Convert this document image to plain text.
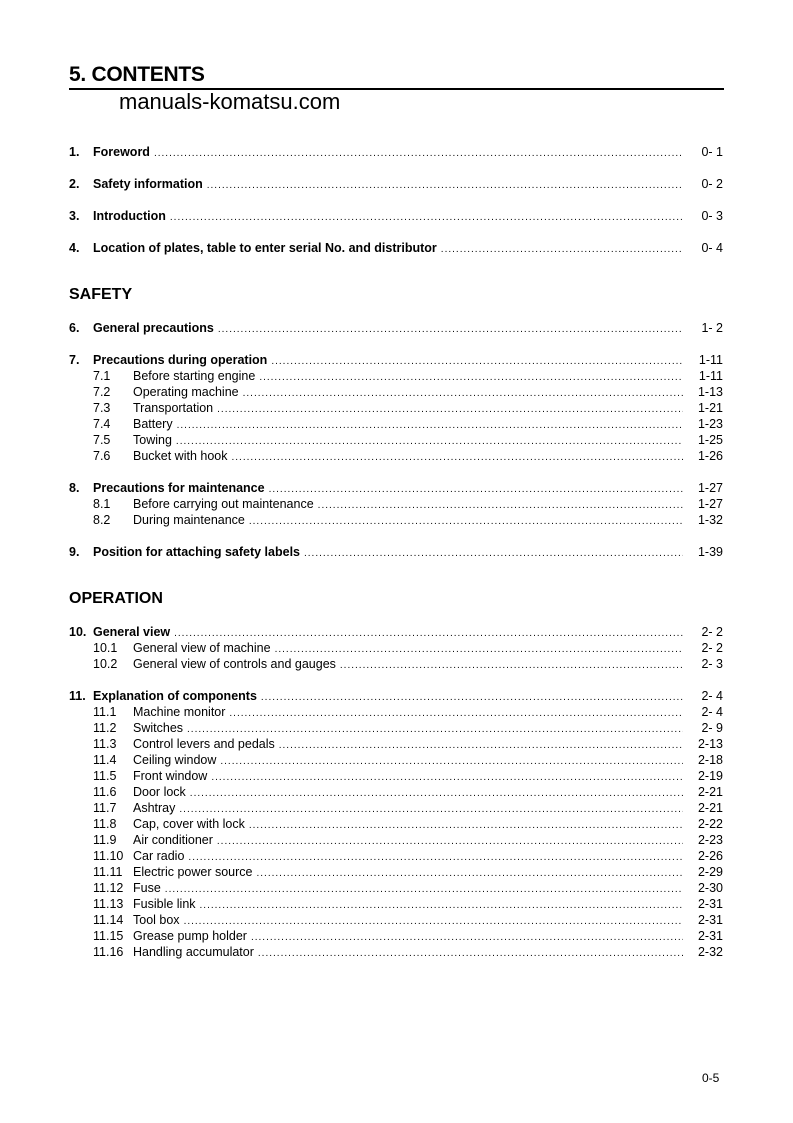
5. CONTENTS
manuals-komatsu.com
1.	Foreword .....	0- 1
2.	Safety information .....	0- 2
3.	Introduction .....	0- 3
4.	Location of plates, table to enter serial No. and distributor .....	0- 4
SAFETY
6.	General precautions .....	1- 2
7.	Precautions during operation .....	1-11
7.1	Before starting engine .....	1-11
7.2	Operating machine .....	1-13
7.3	Transportation .....	1-21
7.4	Battery .....	1-23
7.5	Towing .....	1-25
7.6	Bucket with hook .....	1-26
8.	Precautions for maintenance .....	1-27
8.1	Before carrying out maintenance .....	1-27
8.2	During maintenance .....	1-32
9.	Position for attaching safety labels .....	1-39
OPERATION
10. General view .....	2- 2
10.1	General view of machine .....	2- 2
10.2	General view of controls and gauges .....	2- 3
11. Explanation of components .....	2- 4
11.1	Machine monitor .....	2- 4
11.2	Switches .....	2- 9
11.3	Control levers and pedals .....	2-13
11.4	Ceiling window .....	2-18
11.5	Front window .....	2-19
11.6	Door lock .....	2-21
11.7	Ashtray .....	2-21
11.8	Cap, cover with lock .....	2-22
11.9	Air conditioner .....	2-23
11.10 Car radio .....	2-26
11.11 Electric power source .....	2-29
11.12 Fuse .....	2-30
11.13 Fusible link .....	2-31
11.14 Tool box .....	2-31
11.15 Grease pump holder .....	2-31
11.16 Handling accumulator .....	2-32
0-5
